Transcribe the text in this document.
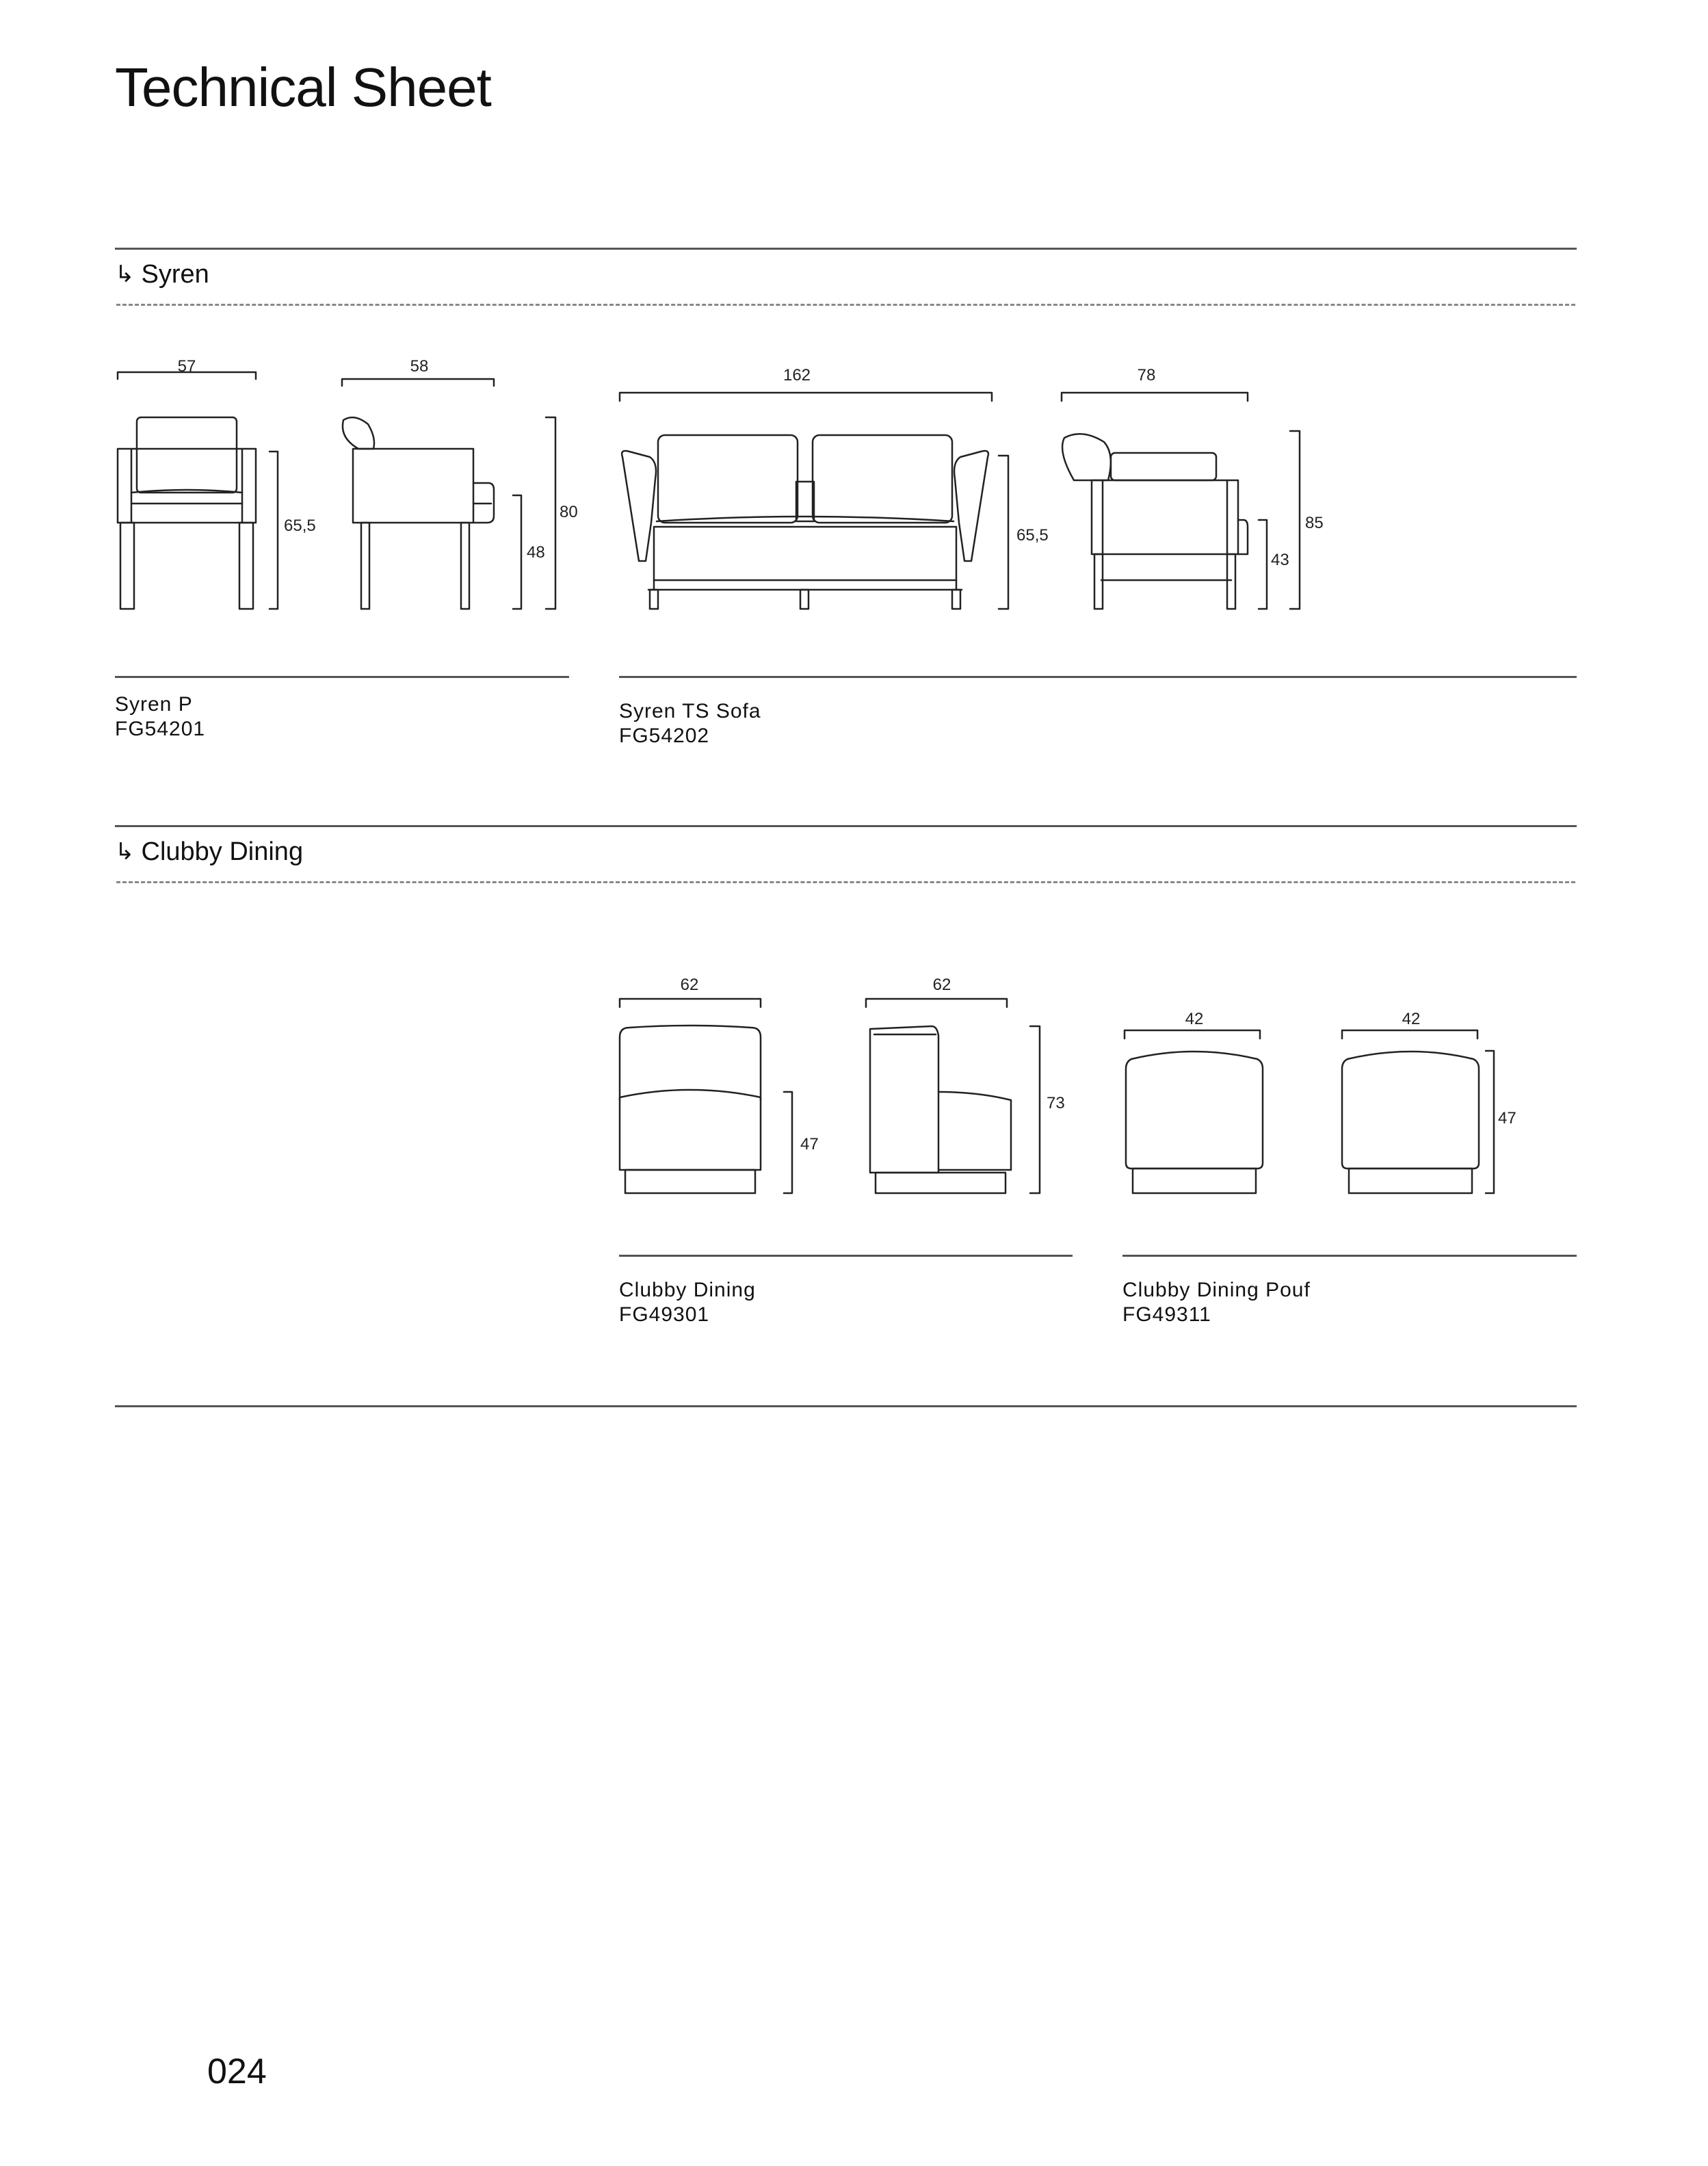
Technical Sheet
↳ Syren
Syren P
FG54201
Syren TS Sofa
FG54202
↳ Clubby Dining
Clubby Dining
FG49301
Clubby Dining Pouf
FG49311
024
57
65,5
58
48
80
162
65,5
78
43
85
62
47
62
73
42	42
47
